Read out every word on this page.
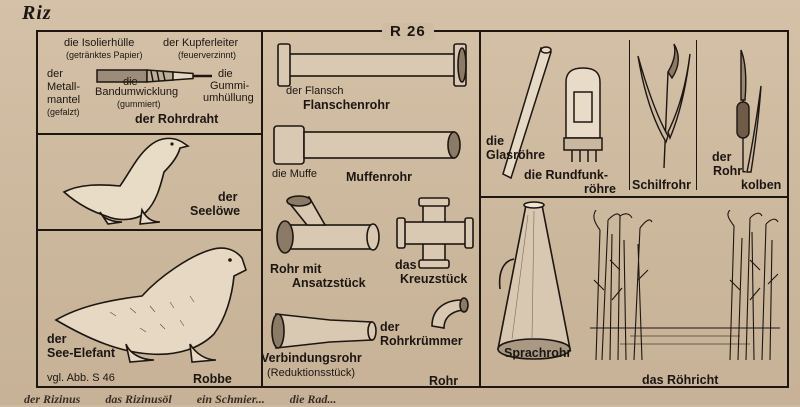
Riz
R 26
die Isolierhülle
(getränktes Papier)
der Kupferleiter
(feuerverzinnt)
der
Metall-
mantel
(gefalzt)
die
Bandumwicklung
(gummiert)
die
Gummi-
umhüllung
der Rohrdraht
der
Seelöwe
der
See-Elefant
vgl. Abb. S 46	Robbe
der Flansch
Flanschenrohr
die Muffe Muffenrohr
Rohr mit
Ansatzstück
das
Kreuzstück
Verbindungsrohr
(Reduktionsstück)
der
Rohrkrümmer
Rohr
die
Glasröhre
die Rundfunk-
röhre Schilfrohr
der
Rohr-
kolben
Sprachrohr
das Röhricht
der Rizinus das Rizinusöl ein Schmier... die Rad...
